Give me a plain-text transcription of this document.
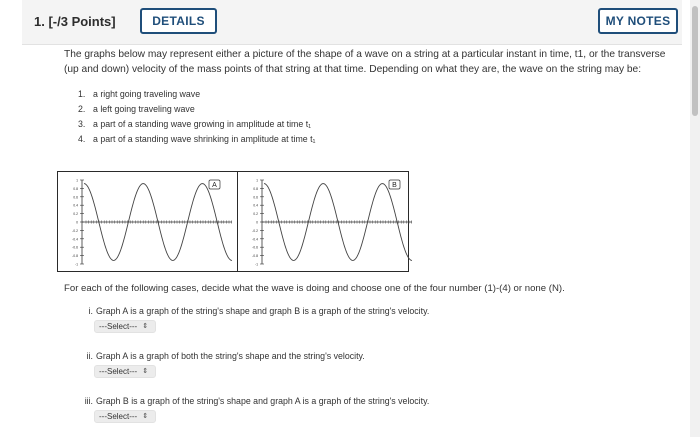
1. [-/3 Points]	DETAILS	MY NOTES

The graphs below may represent either a picture of the shape of a wave on a string at a particular instant in time, t1, or the transverse (up and down) velocity of the mass points of that string at that time. Depending on what they are, the wave on the string may be:

1. a right going traveling wave
2. a left going traveling wave
3. a part of a standing wave growing in amplitude at time t₁
4. a part of a standing wave shrinking in amplitude at time t₁
1
0.8
0.6
0.4
0.2
0
-0.2
-0.4
-0.6
-0.8
-1
A
1
0.8
0.6
0.4
0.2
0
-0.2
-0.4
-0.6
-0.8
-1
B
For each of the following cases, decide what the wave is doing and choose one of the four number (1)-(4) or none (N).
i. Graph A is a graph of the string's shape and graph B is a graph of the string's velocity.
---Select--- ⇕
ii. Graph A is a graph of both the string's shape and the string's velocity.
---Select--- ⇕
iii. Graph B is a graph of the string's shape and graph A is a graph of the string's velocity.
---Select--- ⇕
